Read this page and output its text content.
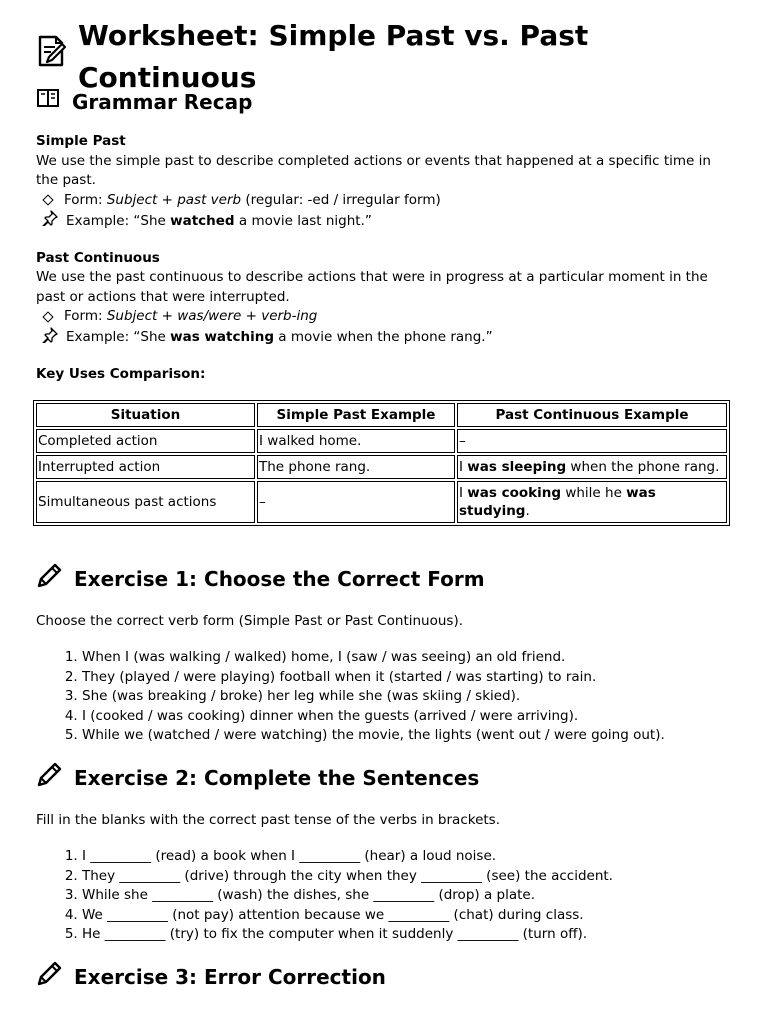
Worksheet: Simple Past vs. Past Continuous
Grammar Recap

Simple Past

We use the simple past to describe completed actions or events that happened at a specific time in the past.

Form: Subject + past verb (regular: -ed / irregular form)
Example: “She watched a movie last night.”

Past Continuous

We use the past continuous to describe actions that were in progress at a particular moment in the past or actions that were interrupted.

Form: Subject + was/were + verb-ing
Example: “She was watching a movie when the phone rang.”

Key Uses Comparison:

Situation	Simple Past Example	Past Continuous Example
Completed action	I walked home.	–
Interrupted action	The phone rang.	I was sleeping when the phone rang.
Simultaneous past actions	–	I was cooking while he was studying.
Exercise 1: Choose the Correct Form

Choose the correct verb form (Simple Past or Past Continuous).

1. When I (was walking / walked) home, I (saw / was seeing) an old friend.
2. They (played / were playing) football when it (started / was starting) to rain.
3. She (was breaking / broke) her leg while she (was skiing / skied).
4. I (cooked / was cooking) dinner when the guests (arrived / were arriving).
5. While we (watched / were watching) the movie, the lights (went out / were going out).
Exercise 2: Complete the Sentences

Fill in the blanks with the correct past tense of the verbs in brackets.

1. I _________ (read) a book when I _________ (hear) a loud noise.
2. They _________ (drive) through the city when they _________ (see) the accident.
3. While she _________ (wash) the dishes, she _________ (drop) a plate.
4. We _________ (not pay) attention because we _________ (chat) during class.
5. He _________ (try) to fix the computer when it suddenly _________ (turn off).
Exercise 3: Error Correction
